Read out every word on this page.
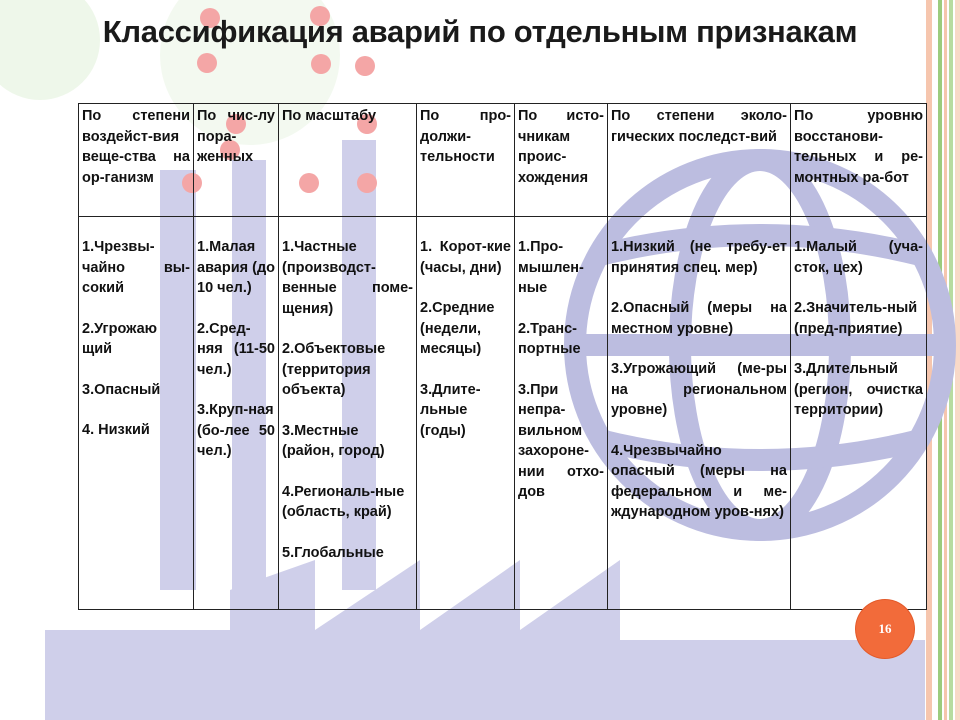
Классификация аварий по отдельным признакам
По степени воздейст-вия веще-ства на ор-ганизм	По чис-лу пора-женных	По масштабу	По про-должи-тельности	По исто-чникам проис-хождения	По степени эколо-гических последст-вий	По уровню восстанови-тельных и ре-монтных ра-бот

1.Чрезвы-чайно вы-сокий
2.Угрожаю щий
3.Опасный
4. Низкий	1.Малая авария (до 10 чел.)
2.Сред-няя (11-50 чел.)
3.Круп-ная (бо-лее 50 чел.)	1.Частные (производст-венные поме-щения)
2.Объектовые (территория объекта)
3.Местные (район, город)
4.Региональ-ные (область, край)
5.Глобальные	1. Корот-кие (часы, дни)
2.Средние (недели, месяцы)
3.Длите-льные (годы)	1.Про-мышлен-ные
2.Транс-портные
3.При непра-вильном захороне-нии отхо-дов	1.Низкий (не требу-ет принятия спец. мер)
2.Опасный (меры на местном уровне)
3.Угрожающий (ме-ры на региональном уровне)
4.Чрезвычайно опасный (меры на федеральном и ме-ждународном уров-нях)	1.Малый (уча-сток, цех)
2.Значитель-ный (пред-приятие)
3.Длительный (регион, очистка территории)
16
